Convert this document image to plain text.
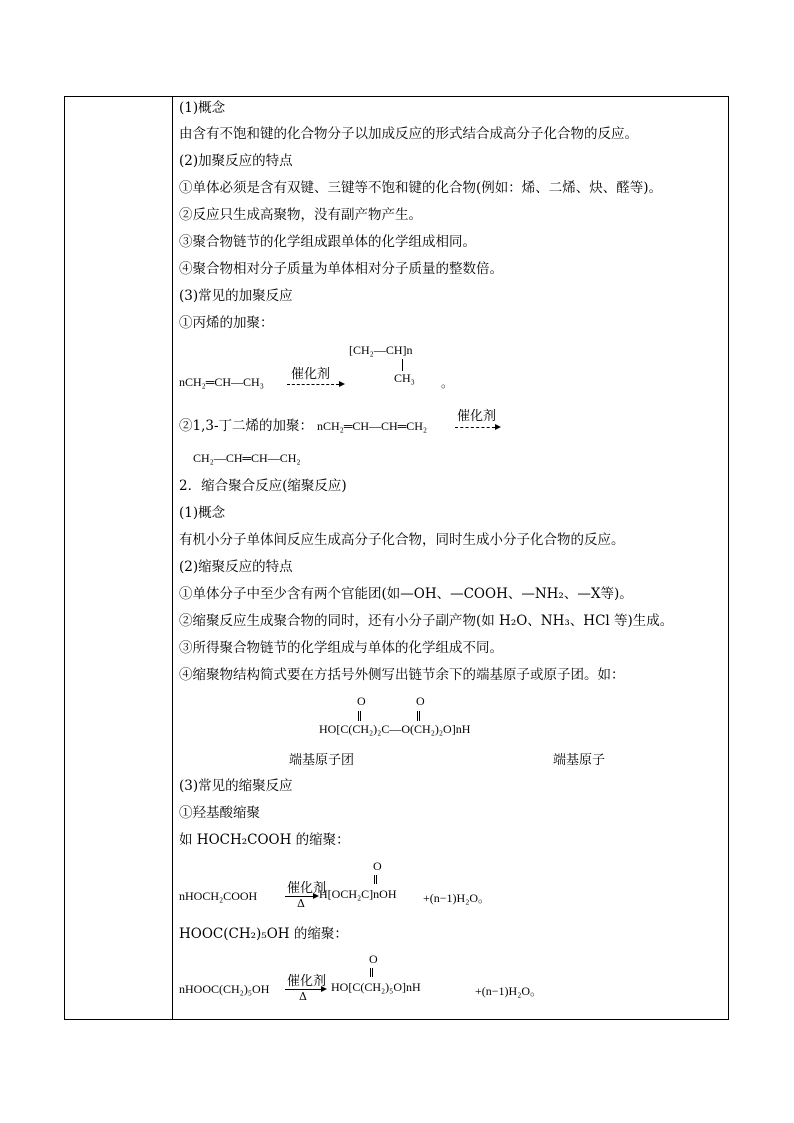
(1)概念
由含有不饱和键的化合物分子以加成反应的形式结合成高分子化合物的反应。
(2)加聚反应的特点
①单体必须是含有双键、三键等不饱和键的化合物(例如：烯、二烯、炔、醛等)。
②反应只生成高聚物，没有副产物产生。
③聚合物链节的化学组成跟单体的化学组成相同。
④聚合物相对分子质量为单体相对分子质量的整数倍。
(3)常见的加聚反应
①丙烯的加聚：
[CH₂—CH]n
CH₃
nCH₂═CH—CH₃ 催化剂
。
②1,3-丁二烯的加聚： nCH₂═CH—CH═CH₂
催化剂
CH₂—CH═CH—CH₂
2．缩合聚合反应(缩聚反应)
(1)概念
有机小分子单体间反应生成高分子化合物，同时生成小分子化合物的反应。
(2)缩聚反应的特点
①单体分子中至少含有两个官能团(如—OH、—COOH、—NH₂、—X等)。
②缩聚反应生成聚合物的同时，还有小分子副产物(如 H₂O、NH₃、HCl 等)生成。
③所得聚合物链节的化学组成与单体的化学组成不同。
④缩聚物结构简式要在方括号外侧写出链节余下的端基原子或原子团。如：
O	O
HO[C(CH₂)₂C—O(CH₂)₂O]nH
端基原子团	端基原子
(3)常见的缩聚反应
①羟基酸缩聚
如 HOCH₂COOH 的缩聚：
O
nHOCH₂COOH 催化剂
Δ
H[OCH₂C]nOH +(n−1)H₂O。
HOOC(CH₂)₅OH 的缩聚：
O
nHOOC(CH₂)₅OH 催化剂
Δ
HO[C(CH₂)₅O]nH	+(n−1)H₂O。
